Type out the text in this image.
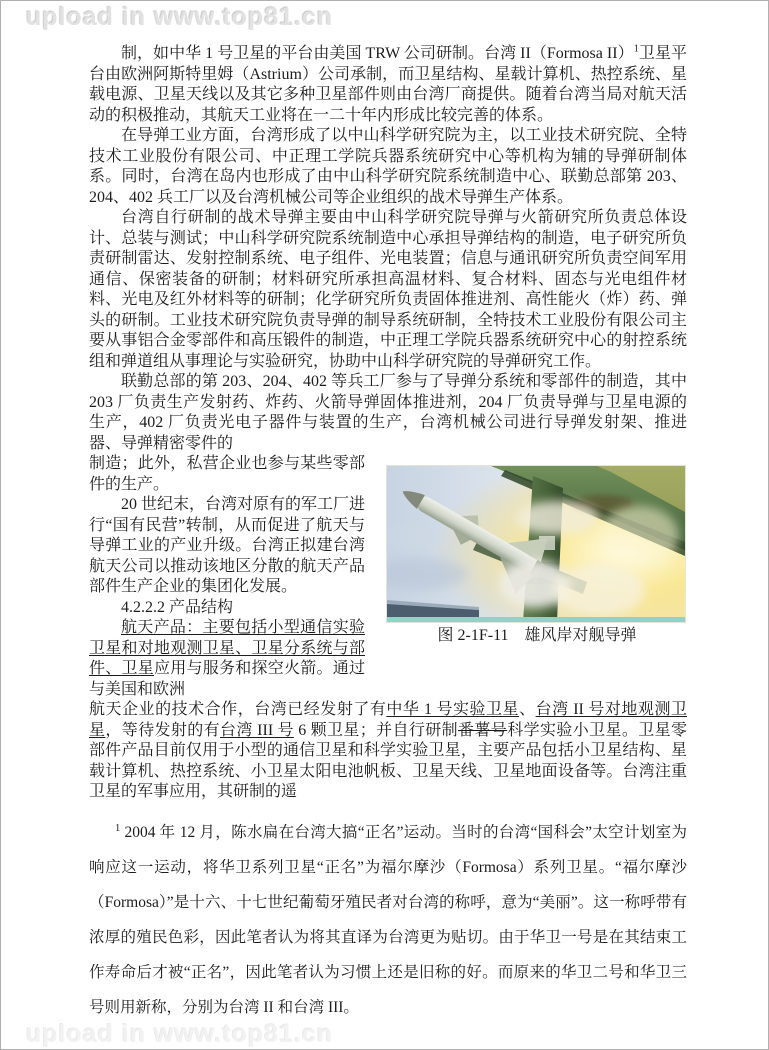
upload in www.top81.cn

制，如中华 1 号卫星的平台由美国 TRW 公司研制。台湾 II（Formosa II）$^1$卫星平台由欧洲阿斯特里姆（Astrium）公司承制，而卫星结构、星载计算机、热控系统、星载电源、卫星天线以及其它多种卫星部件则由台湾厂商提供。随着台湾当局对航天活动的积极推动，其航天工业将在一二十年内形成比较完善的体系。

在导弹工业方面，台湾形成了以中山科学研究院为主，以工业技术研究院、全特技术工业股份有限公司、中正理工学院兵器系统研究中心等机构为辅的导弹研制体系。同时，台湾在岛内也形成了由中山科学研究院系统制造中心、联勤总部第 203、204、402 兵工厂以及台湾机械公司等企业组织的战术导弹生产体系。

台湾自行研制的战术导弹主要由中山科学研究院导弹与火箭研究所负责总体设计、总装与测试；中山科学研究院系统制造中心承担导弹结构的制造，电子研究所负责研制雷达、发射控制系统、电子组件、光电装置；信息与通讯研究所负责空间军用通信、保密装备的研制；材料研究所承担高温材料、复合材料、固态与光电组件材料、光电及红外材料等的研制；化学研究所负责固体推进剂、高性能火（炸）药、弹头的研制。工业技术研究院负责导弹的制导系统研制，全特技术工业股份有限公司主要从事铝合金零部件和高压锻件的制造，中正理工学院兵器系统研究中心的射控系统组和弹道组从事理论与实验研究，协助中山科学研究院的导弹研究工作。

联勤总部的第 203、204、402 等兵工厂参与了导弹分系统和零部件的制造，其中 203 厂负责生产发射药、炸药、火箭导弹固体推进剂，204 厂负责导弹与卫星电源的生产，402 厂负责光电子器件与装置的生产，台湾机械公司进行导弹发射架、推进器、导弹精密零件的

制造；此外，私营企业也参与某些零部件的生产。

20 世纪末，台湾对原有的军工厂进行“国有民营”转制，从而促进了航天与导弹工业的产业升级。台湾正拟建台湾航天公司以推动该地区分散的航天产品部件生产企业的集团化发展。

4.2.2.2 产品结构

航天产品：主要包括小型通信实验卫星和对地观测卫星、卫星分系统与部件、卫星应用与服务和探空火箭。通过与美国和欧洲

图 2-1F-11　雄风岸对舰导弹

航天企业的技术合作，台湾已经发射了有中华 1 号实验卫星、台湾 II 号对地观测卫星，等待发射的有台湾 III 号 6 颗卫星；并自行研制番薯号科学实验小卫星。卫星零部件产品目前仅用于小型的通信卫星和科学实验卫星，主要产品包括小卫星结构、星载计算机、热控系统、小卫星太阳电池帆板、卫星天线、卫星地面设备等。台湾注重卫星的军事应用，其研制的遥

$^1$ 2004 年 12 月，陈水扁在台湾大搞“正名”运动。当时的台湾“国科会”太空计划室为响应这一运动，将华卫系列卫星“正名”为福尔摩沙（Formosa）系列卫星。“福尔摩沙（Formosa）”是十六、十七世纪葡萄牙殖民者对台湾的称呼，意为“美丽”。这一称呼带有浓厚的殖民色彩，因此笔者认为将其直译为台湾更为贴切。由于华卫一号是在其结束工作寿命后才被“正名”，因此笔者认为习惯上还是旧称的好。而原来的华卫二号和华卫三号则用新称，分别为台湾 II 和台湾 III。

upload in www.top81.cn
